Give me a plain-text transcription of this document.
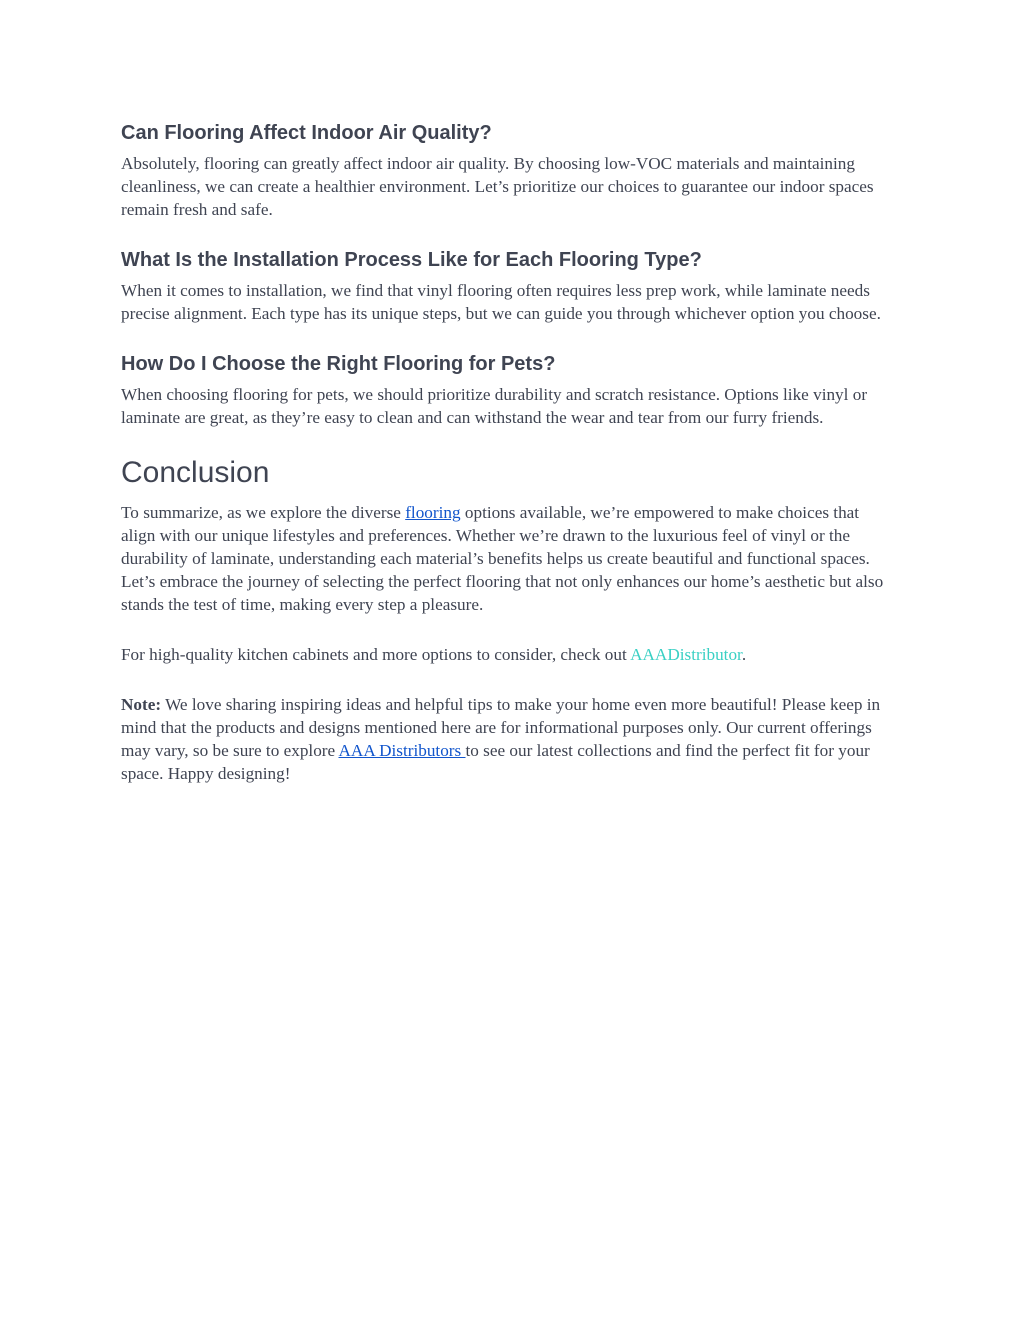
Can Flooring Affect Indoor Air Quality?

Absolutely, flooring can greatly affect indoor air quality. By choosing low-VOC materials and maintaining cleanliness, we can create a healthier environment. Let’s prioritize our choices to guarantee our indoor spaces remain fresh and safe.

What Is the Installation Process Like for Each Flooring Type?

When it comes to installation, we find that vinyl flooring often requires less prep work, while laminate needs precise alignment. Each type has its unique steps, but we can guide you through whichever option you choose.

How Do I Choose the Right Flooring for Pets?

When choosing flooring for pets, we should prioritize durability and scratch resistance. Options like vinyl or laminate are great, as they’re easy to clean and can withstand the wear and tear from our furry friends.

Conclusion

To summarize, as we explore the diverse flooring options available, we’re empowered to make choices that align with our unique lifestyles and preferences. Whether we’re drawn to the luxurious feel of vinyl or the durability of laminate, understanding each material’s benefits helps us create beautiful and functional spaces. Let’s embrace the journey of selecting the perfect flooring that not only enhances our home’s aesthetic but also stands the test of time, making every step a pleasure.

For high-quality kitchen cabinets and more options to consider, check out AAADistributor.

Note: We love sharing inspiring ideas and helpful tips to make your home even more beautiful! Please keep in mind that the products and designs mentioned here are for informational purposes only. Our current offerings may vary, so be sure to explore AAA Distributors to see our latest collections and find the perfect fit for your space. Happy designing!
